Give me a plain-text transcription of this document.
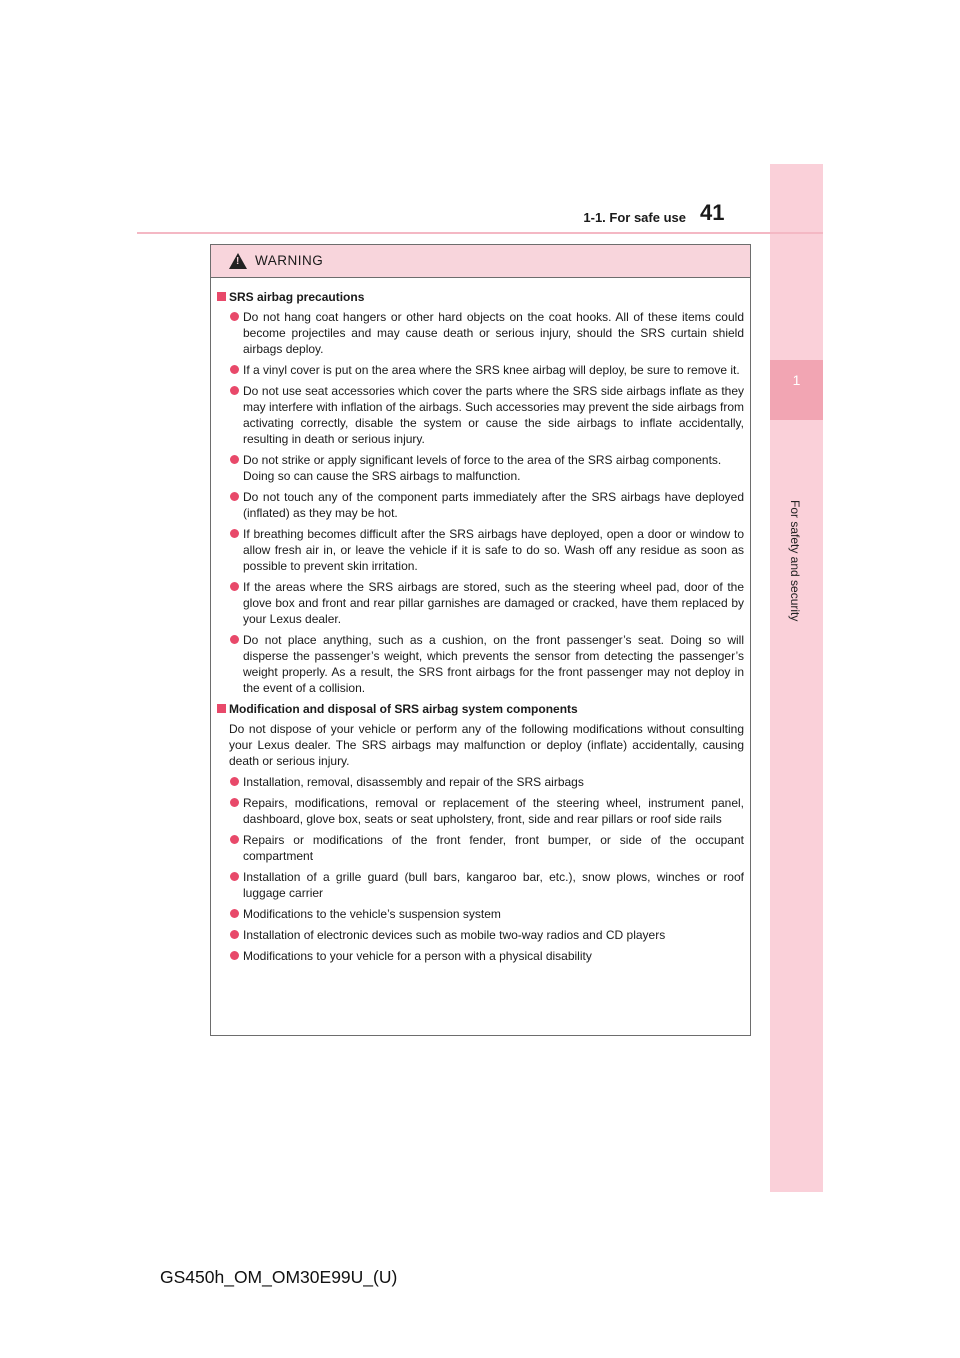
1
For safety and security
1-1. For safe use 41
! WARNING
SRS airbag precautions
Do not hang coat hangers or other hard objects on the coat hooks. All of these items could become projectiles and may cause death or serious injury, should the SRS curtain shield airbags deploy.
If a vinyl cover is put on the area where the SRS knee airbag will deploy, be sure to remove it.
Do not use seat accessories which cover the parts where the SRS side airbags inflate as they may interfere with inflation of the airbags. Such accessories may prevent the side airbags from activating correctly, disable the system or cause the side airbags to inflate accidentally, resulting in death or serious injury.
Do not strike or apply significant levels of force to the area of the SRS airbag components.
Doing so can cause the SRS airbags to malfunction.
Do not touch any of the component parts immediately after the SRS airbags have deployed (inflated) as they may be hot.
If breathing becomes difficult after the SRS airbags have deployed, open a door or window to allow fresh air in, or leave the vehicle if it is safe to do so. Wash off any residue as soon as possible to prevent skin irritation.
If the areas where the SRS airbags are stored, such as the steering wheel pad, door of the glove box and front and rear pillar garnishes are damaged or cracked, have them replaced by your Lexus dealer.
Do not place anything, such as a cushion, on the front passenger’s seat. Doing so will disperse the passenger’s weight, which prevents the sensor from detecting the passenger’s weight properly. As a result, the SRS front airbags for the front passenger may not deploy in the event of a collision.
Modification and disposal of SRS airbag system components
Do not dispose of your vehicle or perform any of the following modifications without consulting your Lexus dealer. The SRS airbags may malfunction or deploy (inflate) accidentally, causing death or serious injury.
Installation, removal, disassembly and repair of the SRS airbags
Repairs, modifications, removal or replacement of the steering wheel, instrument panel, dashboard, glove box, seats or seat upholstery, front, side and rear pillars or roof side rails
Repairs or modifications of the front fender, front bumper, or side of the occupant compartment
Installation of a grille guard (bull bars, kangaroo bar, etc.), snow plows, winches or roof luggage carrier
Modifications to the vehicle’s suspension system
Installation of electronic devices such as mobile two-way radios and CD players
Modifications to your vehicle for a person with a physical disability
GS450h_OM_OM30E99U_(U)
